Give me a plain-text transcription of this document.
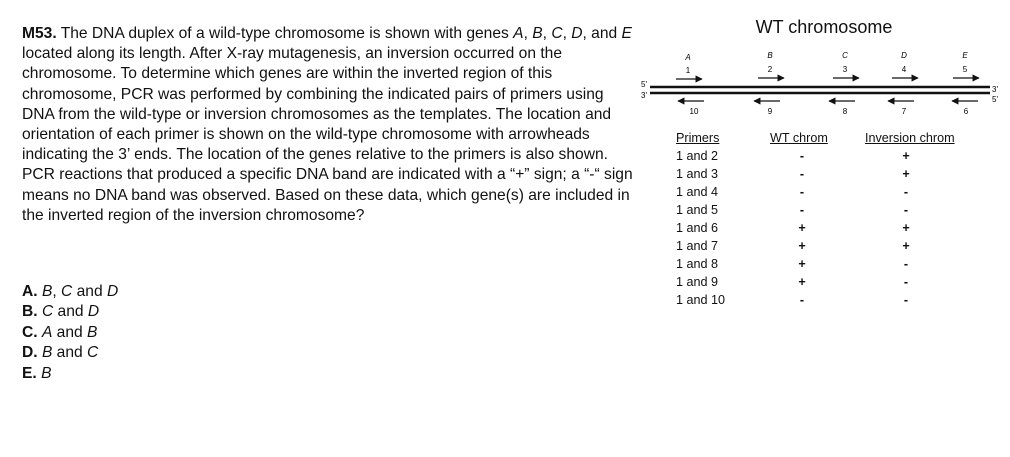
M53. The DNA duplex of a wild-type chromosome is shown with genes A, B, C, D, and E located along its length. After X-ray mutagenesis, an inversion occurred on the chromosome. To determine which genes are within the inverted region of this chromosome, PCR was performed by combining the indicated pairs of primers using DNA from the wild-type or inversion chromosomes as the templates. The location and orientation of each primer is shown on the wild-type chromosome with arrowheads indicating the 3’ ends. The location of the genes relative to the primers is also shown. PCR reactions that produced a specific DNA band are indicated with a “+” sign; a “-“ sign means no DNA band was observed. Based on these data, which gene(s) are included in the inverted region of the inversion chromosome?

A. B, C and D
B. C and D
C. A and B
D. B and C
E. B
WT chromosome
5'
3'
3'
5'
A	B	C	D	E
1	2	3	4	5
10	9	8	7	6
Primers	WT chrom	Inversion chrom
1 and 2	-	+
1 and 3	-	+
1 and 4	-	-
1 and 5	-	-
1 and 6	+	+
1 and 7	+	+
1 and 8	+	-
1 and 9	+	-
1 and 10	-	-
